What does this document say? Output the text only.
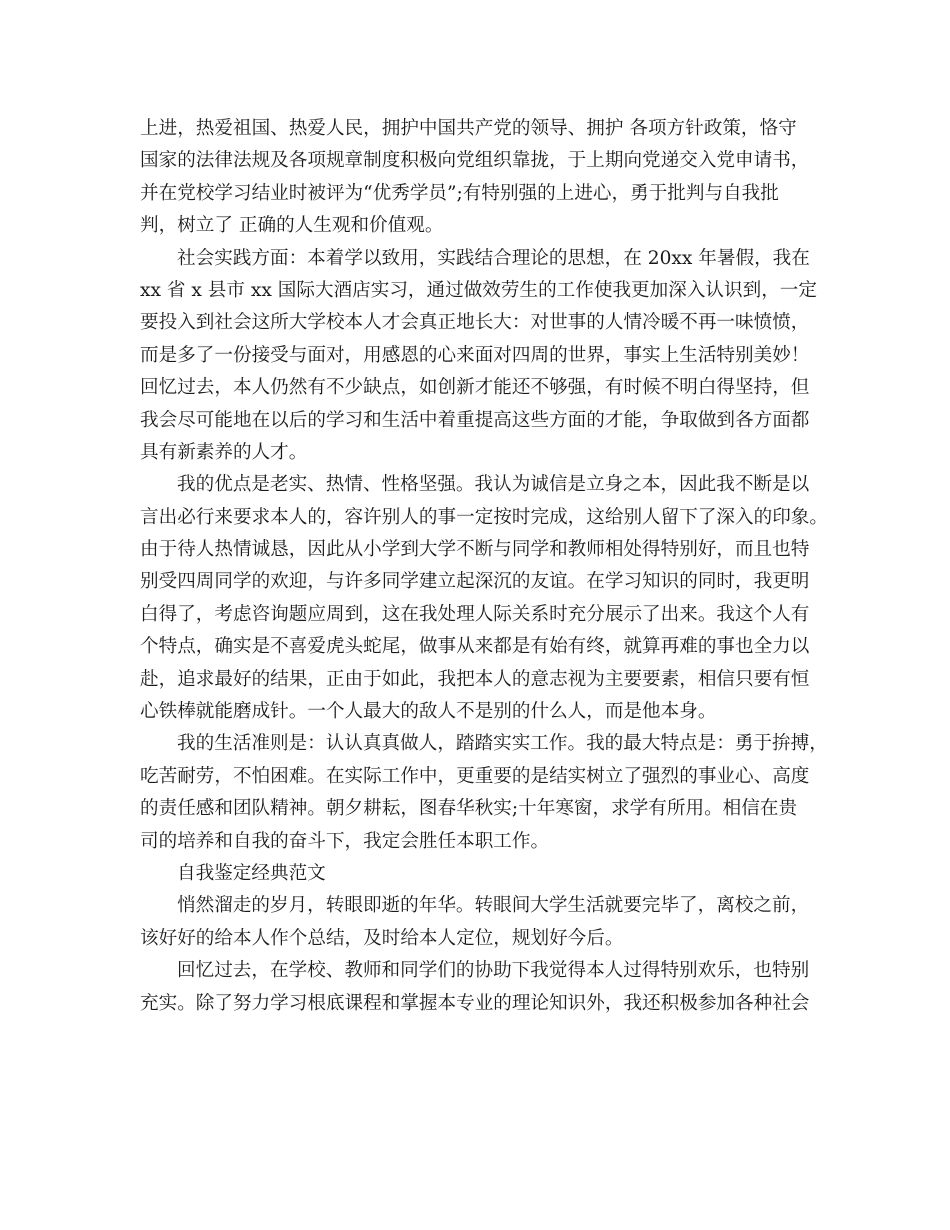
上进，热爱祖国、热爱人民，拥护中国共产党的领导、拥护 各项方针政策，恪守
国家的法律法规及各项规章制度积极向党组织靠拢，于上期向党递交入党申请书，
并在党校学习结业时被评为“优秀学员”;有特别强的上进心，勇于批判与自我批
判，树立了 正确的人生观和价值观。
社会实践方面：本着学以致用，实践结合理论的思想，在 20xx 年暑假，我在
xx 省 x 县市 xx 国际大酒店实习，通过做效劳生的工作使我更加深入认识到，一定
要投入到社会这所大学校本人才会真正地长大：对世事的人情冷暖不再一味愤愤，
而是多了一份接受与面对，用感恩的心来面对四周的世界，事实上生活特别美妙！
回忆过去，本人仍然有不少缺点，如创新才能还不够强，有时候不明白得坚持，但
我会尽可能地在以后的学习和生活中着重提高这些方面的才能，争取做到各方面都
具有新素养的人才。
我的优点是老实、热情、性格坚强。我认为诚信是立身之本，因此我不断是以
言出必行来要求本人的，容许别人的事一定按时完成，这给别人留下了深入的印象。
由于待人热情诚恳，因此从小学到大学不断与同学和教师相处得特别好，而且也特
别受四周同学的欢迎，与许多同学建立起深沉的友谊。在学习知识的同时，我更明
白得了，考虑咨询题应周到，这在我处理人际关系时充分展示了出来。我这个人有
个特点，确实是不喜爱虎头蛇尾，做事从来都是有始有终，就算再难的事也全力以
赴，追求最好的结果，正由于如此，我把本人的意志视为主要要素，相信只要有恒
心铁棒就能磨成针。一个人最大的敌人不是别的什么人，而是他本身。
我的生活准则是：认认真真做人，踏踏实实工作。我的最大特点是：勇于拚搏，
吃苦耐劳，不怕困难。在实际工作中，更重要的是结实树立了强烈的事业心、高度
的责任感和团队精神。朝夕耕耘，图春华秋实;十年寒窗，求学有所用。相信在贵
司的培养和自我的奋斗下，我定会胜任本职工作。
自我鉴定经典范文
悄然溜走的岁月，转眼即逝的年华。转眼间大学生活就要完毕了，离校之前，
该好好的给本人作个总结，及时给本人定位，规划好今后。
回忆过去，在学校、教师和同学们的协助下我觉得本人过得特别欢乐，也特别
充实。除了努力学习根底课程和掌握本专业的理论知识外，我还积极参加各种社会
